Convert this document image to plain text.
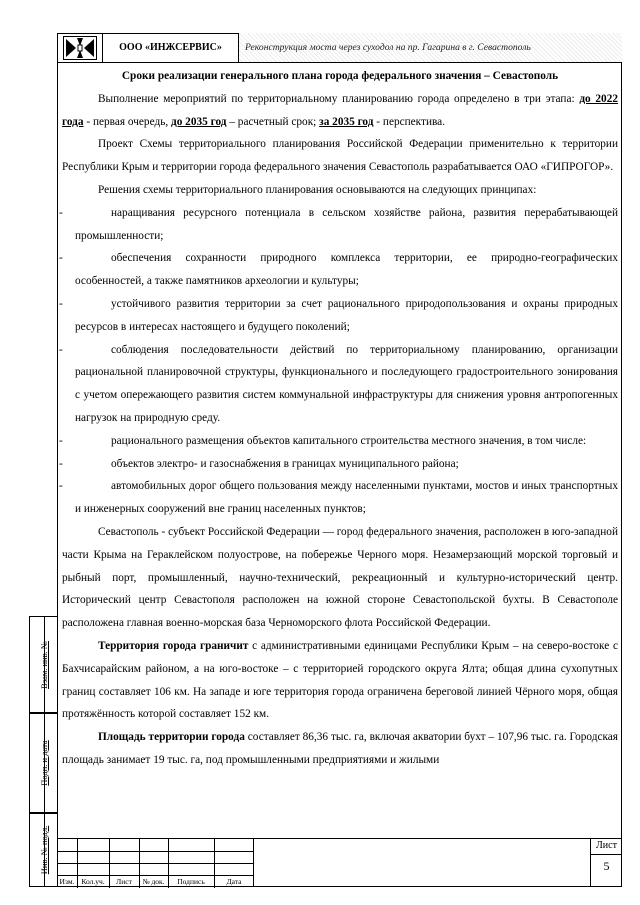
ООО «ИНЖСЕРВИС»	Реконструкция моста через суходол на пр. Гагарина в г. Севастополь

Сроки реализации генерального плана города федерального значения – Севастополь

Выполнение мероприятий по территориальному планированию города определено в три этапа: до 2022 года - первая очередь, до 2035 год – расчетный срок; за 2035 год - перспектива.

Проект Схемы территориального планирования Российской Федерации применительно к территории Республики Крым и территории города федерального значения Севастополь разрабатывается ОАО «ГИПРОГОР».

Решения схемы территориального планирования основываются на следующих принципах:

-	наращивания ресурсного потенциала в сельском хозяйстве района, развития перерабатывающей промышленности;

-	обеспечения сохранности природного комплекса территории, ее природно-географических особенностей, а также памятников археологии и культуры;

-	устойчивого развития территории за счет рационального природопользования и охраны природных ресурсов в интересах настоящего и будущего поколений;

-	соблюдения последовательности действий по территориальному планированию, организации рациональной планировочной структуры, функционального и последующего градостроительного зонирования с учетом опережающего развития систем коммунальной инфраструктуры для снижения уровня антропогенных нагрузок на природную среду.

-	рационального размещения объектов капитального строительства местного значения, в том числе:

-	объектов электро- и газоснабжения в границах муниципального района;

-	автомобильных дорог общего пользования между населенными пунктами, мостов и иных транспортных и инженерных сооружений вне границ населенных пунктов;

Севастополь - субъект Российской Федерации — город федерального значения, расположен в юго-западной части Крыма на Гераклейском полуострове, на побережье Черного моря. Незамерзающий морской торговый и рыбный порт, промышленный, научно-технический, рекреационный и культурно-исторический центр. Исторический центр Севастополя расположен на южной стороне Севастопольской бухты. В Севастополе расположена главная военно-морская база Черноморского флота Российской Федерации.

Территория города граничит с административными единицами Республики Крым – на северо-востоке с Бахчисарайским районом, а на юго-востоке – с территорией городского округа Ялта; общая длина сухопутных границ составляет 106 км. На западе и юге территория города ограничена береговой линией Чёрного моря, общая протяжённость которой составляет 152 км.

Площадь территории города составляет 86,36 тыс. га, включая акватории бухт – 107,96 тыс. га. Городская площадь занимает 19 тыс. га, под промышленными предприятиями и жилыми

Взам. инв. №
Подп. и дата
Инв. № подл.
Изм. Кол.уч.	Лист	№ док.	Подпись	Дата
Лист
5
